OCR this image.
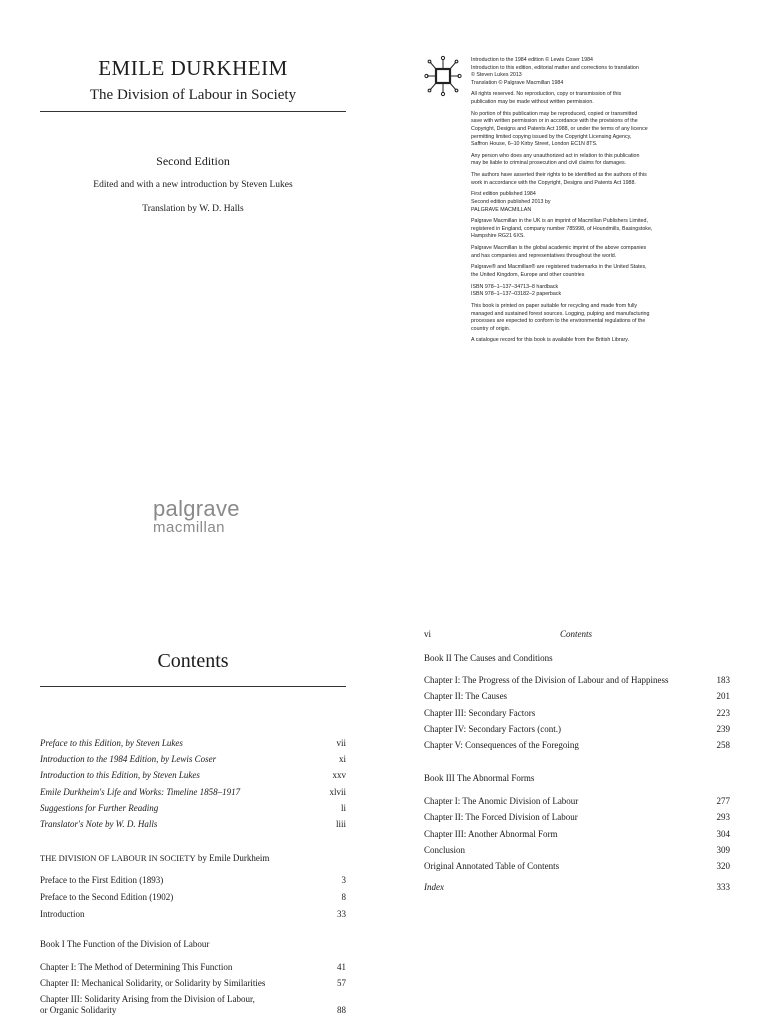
EMILE DURKHEIM
The Division of Labour in Society
Second Edition
Edited and with a new introduction by Steven Lukes
Translation by W. D. Halls
palgrave
macmillan
Introduction to the 1984 edition © Lewis Coser 1984
Introduction to this edition, editorial matter and corrections to translation
© Steven Lukes 2013
Translation © Palgrave Macmillan 1984
All rights reserved. No reproduction, copy or transmission of this
publication may be made without written permission.
No portion of this publication may be reproduced, copied or transmitted
save with written permission or in accordance with the provisions of the
Copyright, Designs and Patents Act 1988, or under the terms of any licence
permitting limited copying issued by the Copyright Licensing Agency,
Saffron House, 6–10 Kirby Street, London EC1N 8TS.
Any person who does any unauthorized act in relation to this publication
may be liable to criminal prosecution and civil claims for damages.
The authors have asserted their rights to be identified as the authors of this
work in accordance with the Copyright, Designs and Patents Act 1988.
First edition published 1984
Second edition published 2013 by
PALGRAVE MACMILLAN
Palgrave Macmillan in the UK is an imprint of Macmillan Publishers Limited,
registered in England, company number 785998, of Houndmills, Basingstoke,
Hampshire RG21 6XS.
Palgrave Macmillan is the global academic imprint of the above companies
and has companies and representatives throughout the world.
Palgrave® and Macmillan® are registered trademarks in the United States,
the United Kingdom, Europe and other countries
ISBN 978–1–137–34713–8 hardback
ISBN 978–1–137–03182–2 paperback
This book is printed on paper suitable for recycling and made from fully
managed and sustained forest sources. Logging, pulping and manufacturing
processes are expected to conform to the environmental regulations of the
country of origin.
A catalogue record for this book is available from the British Library.
Contents
Preface to this Edition, by Steven Lukes	vii
Introduction to the 1984 Edition, by Lewis Coser	xi
Introduction to this Edition, by Steven Lukes	xxv
Emile Durkheim's Life and Works: Timeline 1858–1917	xlvii
Suggestions for Further Reading	li
Translator's Note by W. D. Halls	liii
THE DIVISION OF LABOUR IN SOCIETY by Emile Durkheim
Preface to the First Edition (1893)	3
Preface to the Second Edition (1902)	8
Introduction	33
Book I The Function of the Division of Labour
Chapter I: The Method of Determining This Function	41
Chapter II: Mechanical Solidarity, or Solidarity by Similarities	57
Chapter III: Solidarity Arising from the Division of Labour,
or Organic Solidarity	88
vi	Contents
Book II The Causes and Conditions
Chapter I: The Progress of the Division of Labour and of Happiness	183
Chapter II: The Causes	201
Chapter III: Secondary Factors	223
Chapter IV: Secondary Factors (cont.)	239
Chapter V: Consequences of the Foregoing	258
Book III The Abnormal Forms
Chapter I: The Anomic Division of Labour	277
Chapter II: The Forced Division of Labour	293
Chapter III: Another Abnormal Form	304
Conclusion	309
Original Annotated Table of Contents	320
Index	333
